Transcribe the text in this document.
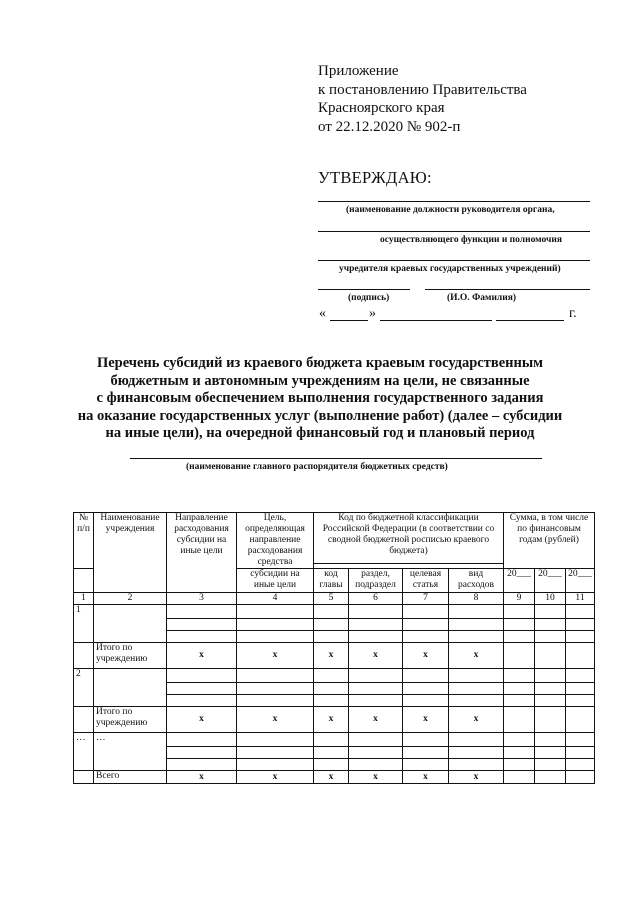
Приложение
к постановлению Правительства
Красноярского края
от 22.12.2020 № 902-п
УТВЕРЖДАЮ:
(наименование должности руководителя органа,
осуществляющего функции и полномочия
учредителя краевых государственных учреждений)
(подпись)	(И.О. Фамилия)
«	»	г.
Перечень субсидий из краевого бюджета краевым государственным
бюджетным и автономным учреждениям на цели, не связанные
с финансовым обеспечением выполнения государственного задания
на оказание государственных услуг (выполнение работ) (далее – субсидии
на иные цели), на очередной финансовый год и плановый период
(наименование главного распорядителя бюджетных средств)
№ п/п	Наименование учреждения	Направление расходования субсидии на иные цели	Цель, определяющая направление расходования средства	Код по бюджетной классификации Российской Федерации (в соответствии со сводной бюджетной росписью краевого бюджета)				Сумма, в том числе по финансовым годам (рублей)		

			субсидии на иные цели	код главы	раздел, подраздел	целевая статья	вид расходов	20___	20___	20___
1	2	3	4	5	6	7	8	9	10	11
1										

	Итого по учреждению	x	x	x	x	x	x			
2										

	Итого по учреждению	x	x	x	x	x	x			
…	…									

	Всего	x	x	x	x	x	x			
